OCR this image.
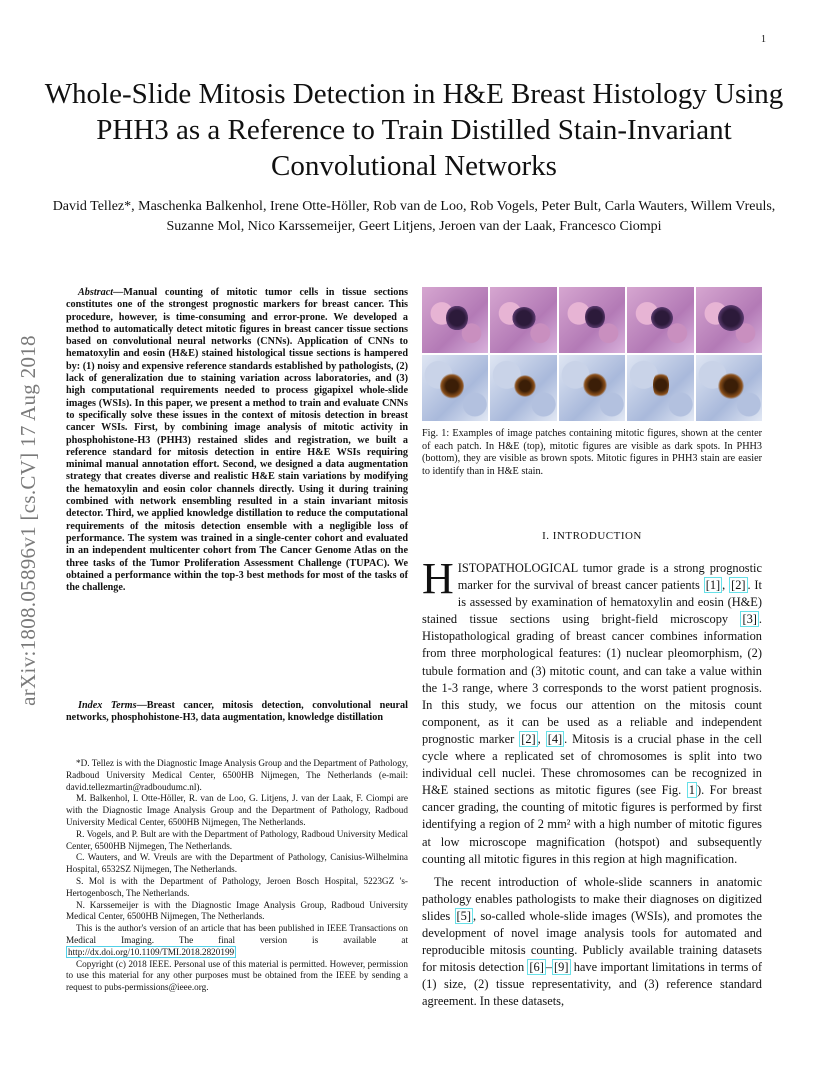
1
Whole-Slide Mitosis Detection in H&E Breast Histology Using PHH3 as a Reference to Train Distilled Stain-Invariant Convolutional Networks
David Tellez*, Maschenka Balkenhol, Irene Otte-Höller, Rob van de Loo, Rob Vogels, Peter Bult, Carla Wauters, Willem Vreuls, Suzanne Mol, Nico Karssemeijer, Geert Litjens, Jeroen van der Laak, Francesco Ciompi
arXiv:1808.05896v1 [cs.CV] 17 Aug 2018

Abstract—Manual counting of mitotic tumor cells in tissue sections constitutes one of the strongest prognostic markers for breast cancer. This procedure, however, is time-consuming and error-prone. We developed a method to automatically detect mitotic figures in breast cancer tissue sections based on convolutional neural networks (CNNs). Application of CNNs to hematoxylin and eosin (H&E) stained histological tissue sections is hampered by: (1) noisy and expensive reference standards established by pathologists, (2) lack of generalization due to staining variation across laboratories, and (3) high computational requirements needed to process gigapixel whole-slide images (WSIs). In this paper, we present a method to train and evaluate CNNs to specifically solve these issues in the context of mitosis detection in breast cancer WSIs. First, by combining image analysis of mitotic activity in phosphohistone-H3 (PHH3) restained slides and registration, we built a reference standard for mitosis detection in entire H&E WSIs requiring minimal manual annotation effort. Second, we designed a data augmentation strategy that creates diverse and realistic H&E stain variations by modifying the hematoxylin and eosin color channels directly. Using it during training combined with network ensembling resulted in a stain invariant mitosis detector. Third, we applied knowledge distillation to reduce the computational requirements of the mitosis detection ensemble with a negligible loss of performance. The system was trained in a single-center cohort and evaluated in an independent multicenter cohort from The Cancer Genome Atlas on the three tasks of the Tumor Proliferation Assessment Challenge (TUPAC). We obtained a performance within the top-3 best methods for most of the tasks of the challenge.

Index Terms—Breast cancer, mitosis detection, convolutional neural networks, phosphohistone-H3, data augmentation, knowledge distillation

*D. Tellez is with the Diagnostic Image Analysis Group and the Department of Pathology, Radboud University Medical Center, 6500HB Nijmegen, The Netherlands (e-mail: david.tellezmartin@radboudumc.nl).

M. Balkenhol, I. Otte-Höller, R. van de Loo, G. Litjens, J. van der Laak, F. Ciompi are with the Diagnostic Image Analysis Group and the Department of Pathology, Radboud University Medical Center, 6500HB Nijmegen, The Netherlands.

R. Vogels, and P. Bult are with the Department of Pathology, Radboud University Medical Center, 6500HB Nijmegen, The Netherlands.

C. Wauters, and W. Vreuls are with the Department of Pathology, Canisius-Wilhelmina Hospital, 6532SZ Nijmegen, The Netherlands.

S. Mol is with the Department of Pathology, Jeroen Bosch Hospital, 5223GZ 's-Hertogenbosch, The Netherlands.

N. Karssemeijer is with the Diagnostic Image Analysis Group, Radboud University Medical Center, 6500HB Nijmegen, The Netherlands.

This is the author's version of an article that has been published in IEEE Transactions on Medical Imaging. The final version is available at http://dx.doi.org/10.1109/TMI.2018.2820199

Copyright (c) 2018 IEEE. Personal use of this material is permitted. However, permission to use this material for any other purposes must be obtained from the IEEE by sending a request to pubs-permissions@ieee.org.

Fig. 1: Examples of image patches containing mitotic figures, shown at the center of each patch. In H&E (top), mitotic figures are visible as dark spots. In PHH3 (bottom), they are visible as brown spots. Mitotic figures in PHH3 stain are easier to identify than in H&E stain.
I. INTRODUCTION

HISTOPATHOLOGICAL tumor grade is a strong prognostic marker for the survival of breast cancer patients [1] , [2] . It is assessed by examination of hematoxylin and eosin (H&E) stained tissue sections using bright-field microscopy [3] . Histopathological grading of breast cancer combines information from three morphological features: (1) nuclear pleomorphism, (2) tubule formation and (3) mitotic count, and can take a value within the 1-3 range, where 3 corresponds to the worst patient prognosis. In this study, we focus our attention on the mitosis count component, as it can be used as a reliable and independent prognostic marker [2] , [4] . Mitosis is a crucial phase in the cell cycle where a replicated set of chromosomes is split into two individual cell nuclei. These chromosomes can be recognized in H&E stained sections as mitotic figures (see Fig. 1 ). For breast cancer grading, the counting of mitotic figures is performed by first identifying a region of 2 mm² with a high number of mitotic figures at low microscope magnification (hotspot) and subsequently counting all mitotic figures in this region at high magnification.

The recent introduction of whole-slide scanners in anatomic pathology enables pathologists to make their diagnoses on digitized slides [5] , so-called whole-slide images (WSIs), and promotes the development of novel image analysis tools for automated and reproducible mitosis counting. Publicly available training datasets for mitosis detection [6] – [9] have important limitations in terms of (1) size, (2) tissue representativity, and (3) reference standard agreement. In these datasets,
